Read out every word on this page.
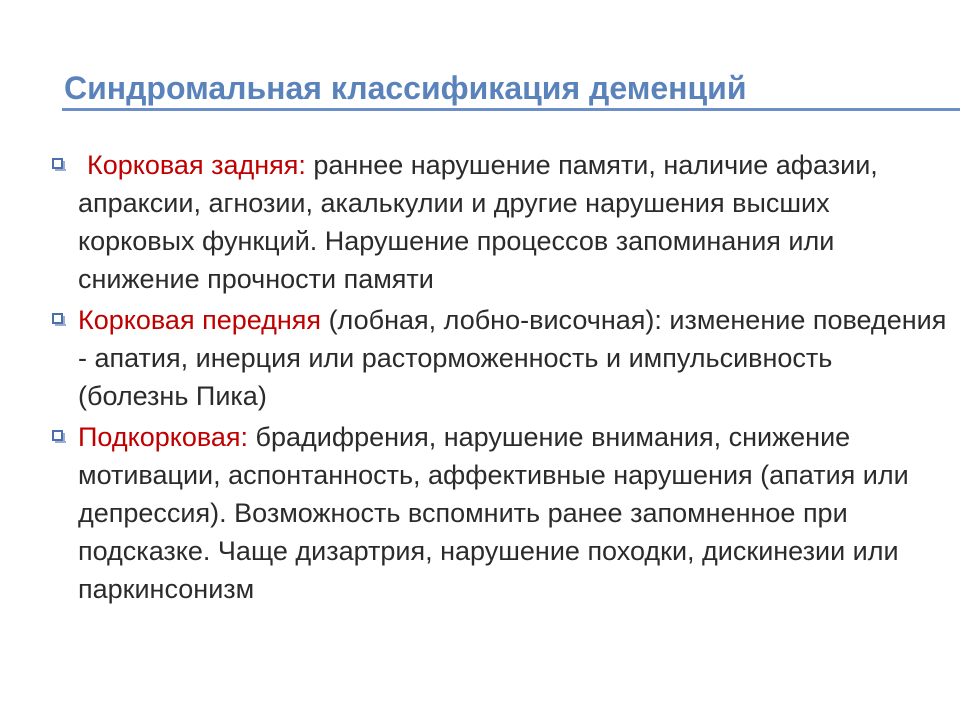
Синдромальная классификация деменций
Корковая задняя: раннее нарушение памяти, наличие афазии, апраксии, агнозии, акалькулии и другие нарушения высших корковых функций. Нарушение процессов запоминания или снижение прочности памяти
Корковая передняя (лобная, лобно-височная): изменение поведения - апатия, инерция или расторможенность и импульсивность (болезнь Пика)
Подкорковая: брадифрения, нарушение внимания, снижение мотивации, аспонтанность, аффективные нарушения (апатия или депрессия). Возможность вспомнить ранее запомненное при подсказке. Чаще дизартрия, нарушение походки, дискинезии или паркинсонизм
